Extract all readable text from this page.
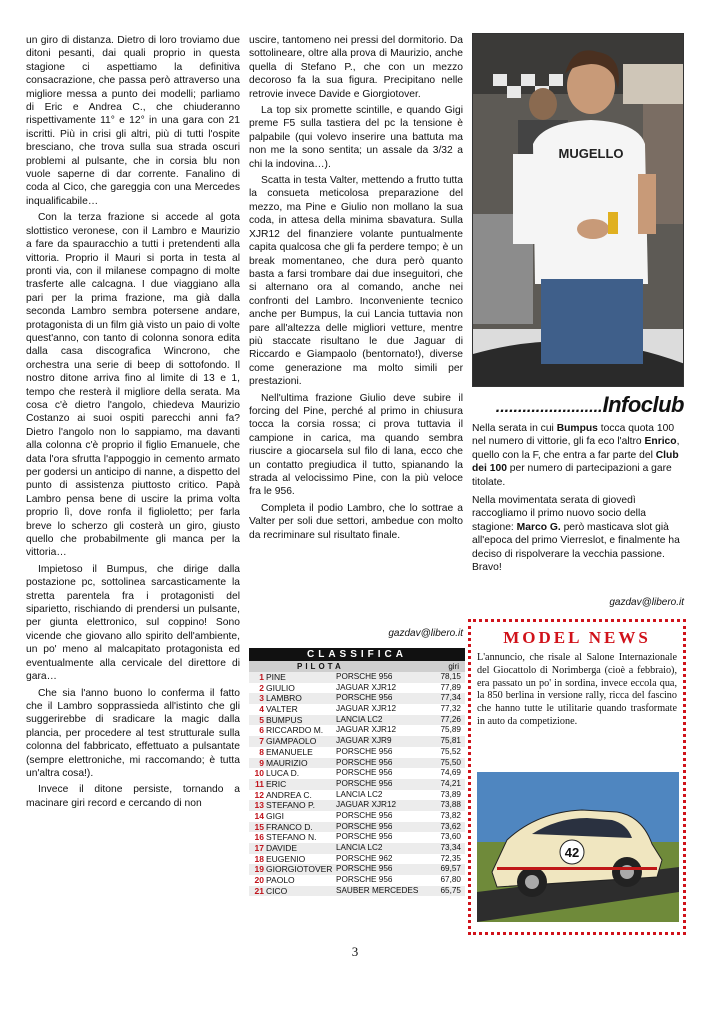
un giro di distanza. Dietro di loro troviamo due ditoni pesanti, dai quali proprio in questa stagione ci aspettiamo la definitiva consacrazione, che passa però attraverso una migliore messa a punto dei modelli; parliamo di Eric e Andrea C., che chiuderanno rispettivamente 11° e 12° in una gara con 21 iscritti. Più in crisi gli altri, più di tutti l'ospite bresciano, che trova sulla sua strada oscuri problemi al pulsante, che in corsia blu non vuole saperne di dar corrente. Fanalino di coda al Cico, che gareggia con una Mercedes inqualificabile…

Con la terza frazione si accede al gota slottistico veronese, con il Lambro e Maurizio a fare da spauracchio a tutti i pretendenti alla vittoria. Proprio il Mauri si porta in testa al pronti via, con il milanese compagno di molte trasferte alle calcagna. I due viaggiano alla pari per la prima frazione, ma già dalla seconda Lambro sembra potersene andare, protagonista di un film già visto un paio di volte quest'anno, con tanto di colonna sonora edita dalla casa discografica Wincrono, che orchestra una serie di beep di sottofondo. Il nostro ditone arriva fino al limite di 13 e 1, tempo che resterà il migliore della serata. Ma cosa c'è dietro l'angolo, chiedeva Maurizio Costanzo ai suoi ospiti parecchi anni fa? Dietro l'angolo non lo sappiamo, ma davanti alla colonna c'è proprio il figlio Emanuele, che data l'ora sfrutta l'appoggio in cemento armato per godersi un anticipo di nanne, a dispetto del punto di assistenza piuttosto critico. Papà Lambro pensa bene di uscire la prima volta proprio lì, dove ronfa il figlioletto; per farla breve lo scherzo gli costerà un giro, giusto quello che probabilmente gli manca per la vittoria…

Impietoso il Bumpus, che dirige dalla postazione pc, sottolinea sarcasticamente la stretta parentela fra i protagonisti del siparietto, rischiando di prendersi un pulsante, per giunta elettronico, sul coppino! Sono vicende che giovano allo spirito dell'ambiente, un po' meno al malcapitato protagonista ed eventualmente alla cervicale del direttore di gara…

Che sia l'anno buono lo conferma il fatto che il Lambro sopprassieda all'istinto che gli suggerirebbe di sradicare la magic dalla plancia, per procedere al test strutturale sulla colonna del fabbricato, effettuato a pulsantate (sempre elettroniche, mi raccomando; è tutta un'altra cosa!).

Invece il ditone persiste, tornando a macinare giri record e cercando di non

uscire, tantomeno nei pressi del dormitorio. Da sottolineare, oltre alla prova di Maurizio, anche quella di Stefano P., che con un mezzo decoroso fa la sua figura. Precipitano nelle retrovie invece Davide e Giorgiotover.

La top six promette scintille, e quando Gigi preme F5 sulla tastiera del pc la tensione è palpabile (qui volevo inserire una battuta ma non me la sono sentita; un assale da 3/32 a chi la indovina…).

Scatta in testa Valter, mettendo a frutto tutta la consueta meticolosa preparazione del mezzo, ma Pine e Giulio non mollano la sua coda, in attesa della minima sbavatura. Sulla XJR12 del finanziere volante puntualmente capita qualcosa che gli fa perdere tempo; è un break momentaneo, che dura però quanto basta a farsi trombare dai due inseguitori, che si alternano ora al comando, anche nei confronti del Lambro. Inconveniente tecnico anche per Bumpus, la cui Lancia tuttavia non pare all'altezza delle migliori vetture, mentre più staccate risultano le due Jaguar di Riccardo e Giampaolo (bentornato!), diverse come generazione ma molto simili per prestazioni.

Nell'ultima frazione Giulio deve subire il forcing del Pine, perché al primo in chiusura tocca la corsia rossa; ci prova tuttavia il campione in carica, ma quando sembra riuscire a giocarsela sul filo di lana, ecco che un contatto pregiudica il tutto, spianando la strada al velocissimo Pine, con la più veloce fra le 956.

Completa il podio Lambro, che lo sottrae a Valter per soli due settori, ambedue con molto da recriminare sul risultato finale.

gazdav@libero.it
MUGELLO
........................Infoclub

Nella serata in cui Bumpus tocca quota 100 nel numero di vittorie, gli fa eco l'altro Enrico, quello con la F, che entra a far parte del Club dei 100 per numero di partecipazioni a gare titolate.

Nella movimentata serata di giovedì raccogliamo il primo nuovo socio della stagione: Marco G. però masticava slot già all'epoca del primo Vierreslot, e finalmente ha deciso di rispolverare la vecchia passione. Bravo!

gazdav@libero.it
CLASSIFICA
PILOTA	giri
1 PINE	PORSCHE 956	78,15
2 GIULIO	JAGUAR XJR12	77,89
3 LAMBRO	PORSCHE 956	77,34
4 VALTER	JAGUAR XJR12	77,32
5 BUMPUS	LANCIA LC2	77,26
6 RICCARDO M. JAGUAR XJR12	75,89
7 GIAMPAOLO JAGUAR XJR9	75,81
8 EMANUELE	PORSCHE 956	75,52
9 MAURIZIO	PORSCHE 956	75,50
10 LUCA D.	PORSCHE 956	74,69
11 ERIC	PORSCHE 956	74,21
12 ANDREA C.	LANCIA LC2	73,89
13 STEFANO P.	JAGUAR XJR12	73,88
14 GIGI	PORSCHE 956	73,82
15 FRANCO D.	PORSCHE 956	73,62
16 STEFANO N. PORSCHE 956	73,60
17 DAVIDE	LANCIA LC2	73,34
18 EUGENIO	PORSCHE 962	72,35
19 GIORGIOTOVER PORSCHE 956	69,57
20 PAOLO	PORSCHE 956	67,80
21 CICO	SAUBER MERCEDES	65,75
MODEL NEWS
L'annuncio, che risale al Salone Internazionale del Giocattolo di Norimberga (cioè a febbraio), era passato un po' in sordina, invece eccola qua, la 850 berlina in versione rally, ricca del fascino che hanno tutte le utilitarie quando trasformate in auto da competizione.
42
3
